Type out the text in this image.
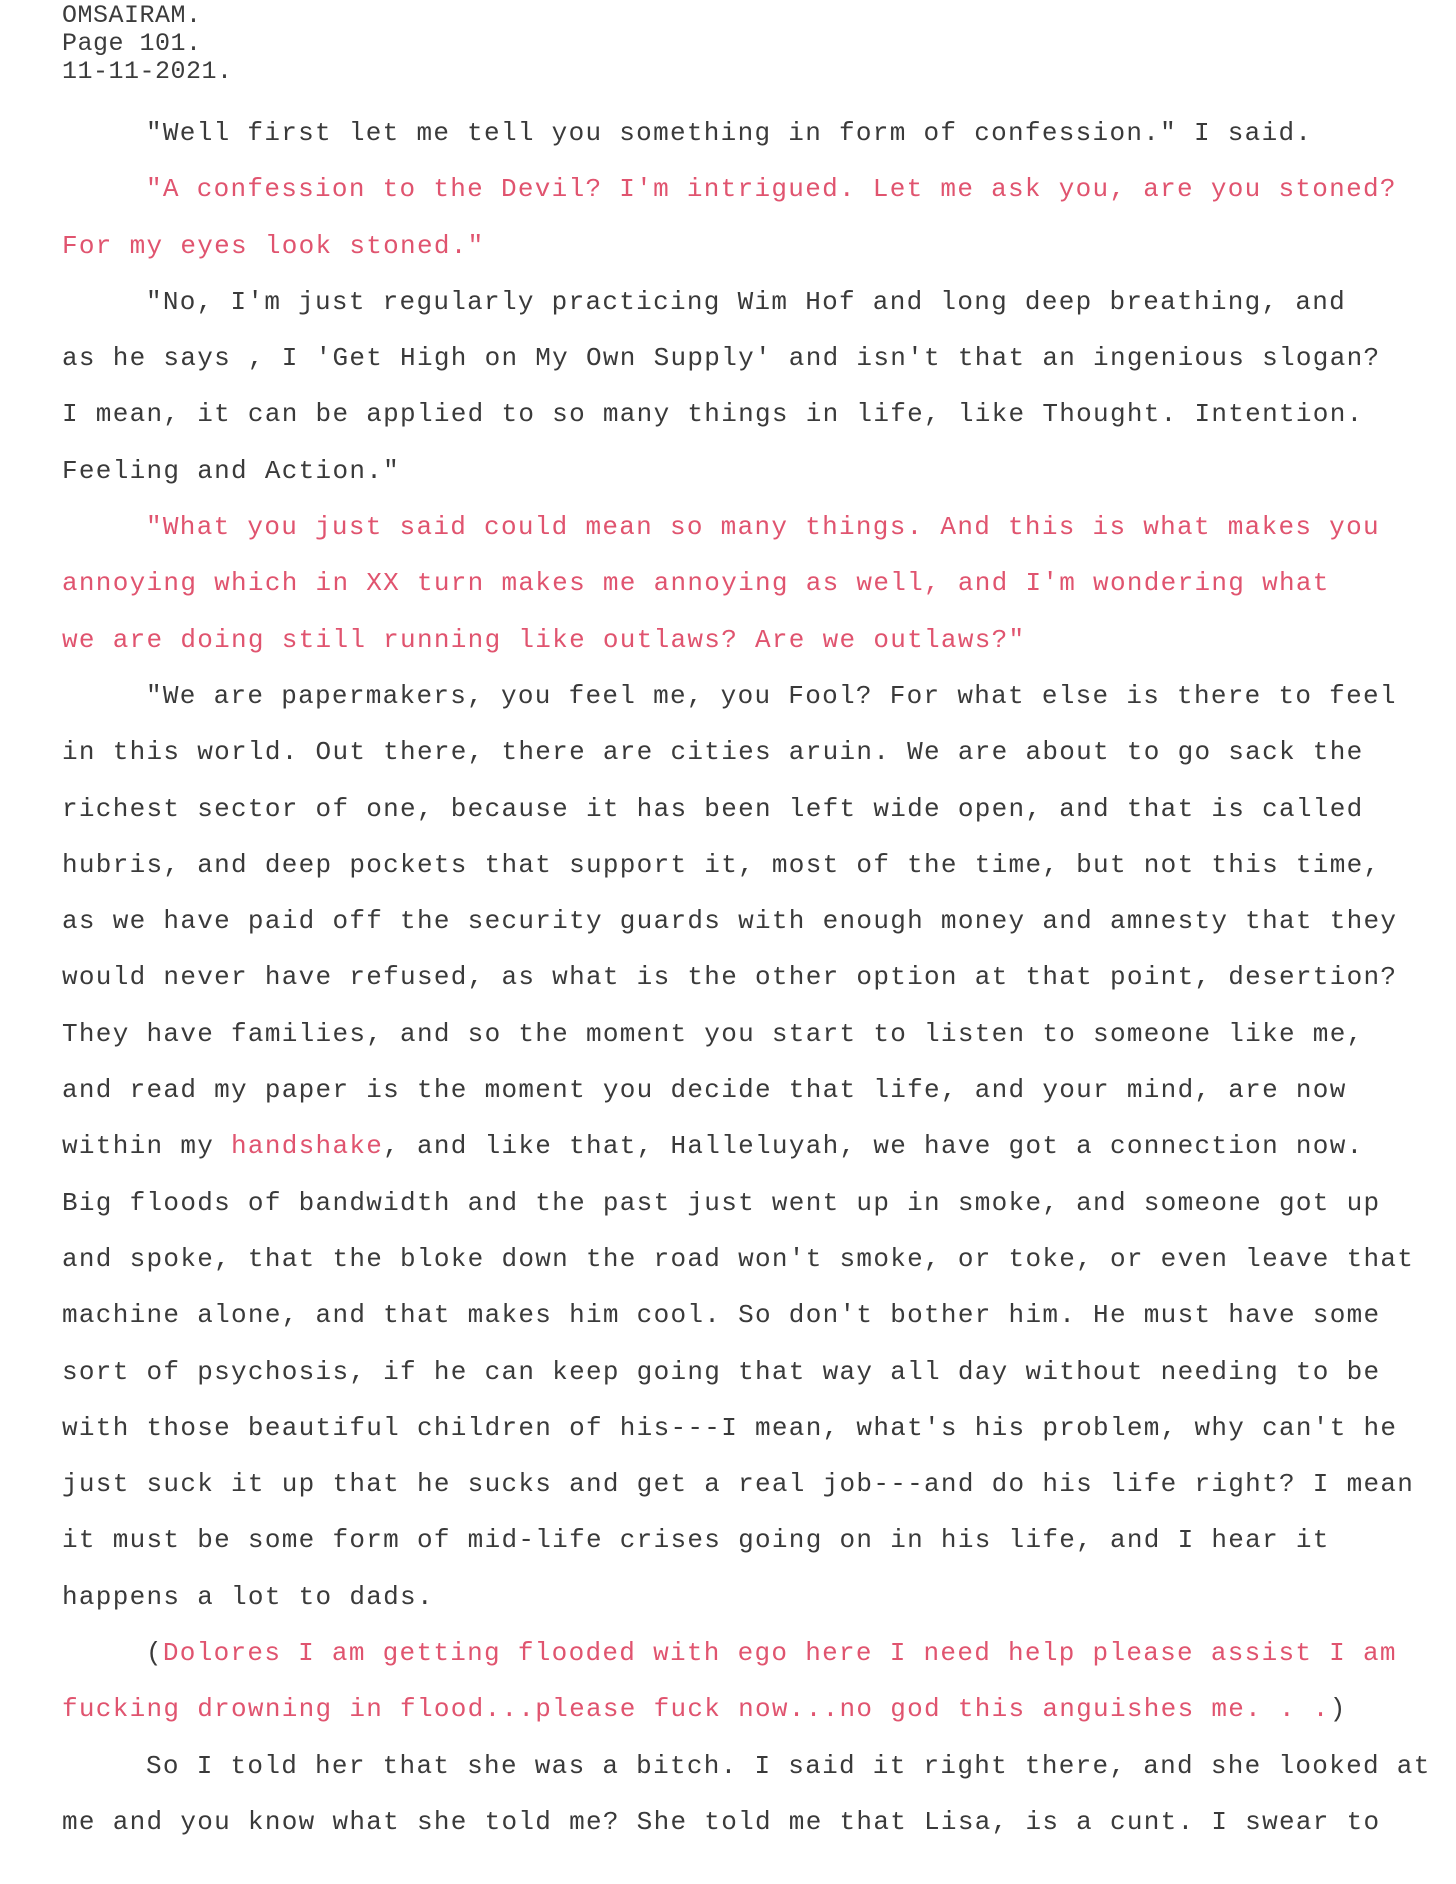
OMSAIRAM.
Page 101.
11-11-2021.
"Well first let me tell you something in form of confession." I said.
"A confession to the Devil? I'm intrigued. Let me ask you, are you stoned?
For my eyes look stoned."
"No, I'm just regularly practicing Wim Hof and long deep breathing, and
as he says , I 'Get High on My Own Supply' and isn't that an ingenious slogan?
I mean, it can be applied to so many things in life, like Thought. Intention.
Feeling and Action."
"What you just said could mean so many things. And this is what makes you
annoying which in XX turn makes me annoying as well, and I'm wondering what
we are doing still running like outlaws? Are we outlaws?"
"We are papermakers, you feel me, you Fool? For what else is there to feel
in this world. Out there, there are cities aruin. We are about to go sack the
richest sector of one, because it has been left wide open, and that is called
hubris, and deep pockets that support it, most of the time, but not this time,
as we have paid off the security guards with enough money and amnesty that they
would never have refused, as what is the other option at that point, desertion?
They have families, and so the moment you start to listen to someone like me,
and read my paper is the moment you decide that life, and your mind, are now
within my handshake, and like that, Halleluyah, we have got a connection now.
Big floods of bandwidth and the past just went up in smoke, and someone got up
and spoke, that the bloke down the road won't smoke, or toke, or even leave that
machine alone, and that makes him cool. So don't bother him. He must have some
sort of psychosis, if he can keep going that way all day without needing to be
with those beautiful children of his---I mean, what's his problem, why can't he
just suck it up that he sucks and get a real job---and do his life right? I mean
it must be some form of mid-life crises going on in his life, and I hear it
happens a lot to dads.
(Dolores I am getting flooded with ego here I need help please assist I am
fucking drowning in flood...please fuck now...no god this anguishes me. . .)
So I told her that she was a bitch. I said it right there, and she looked at
me and you know what she told me? She told me that Lisa, is a cunt. I swear to
